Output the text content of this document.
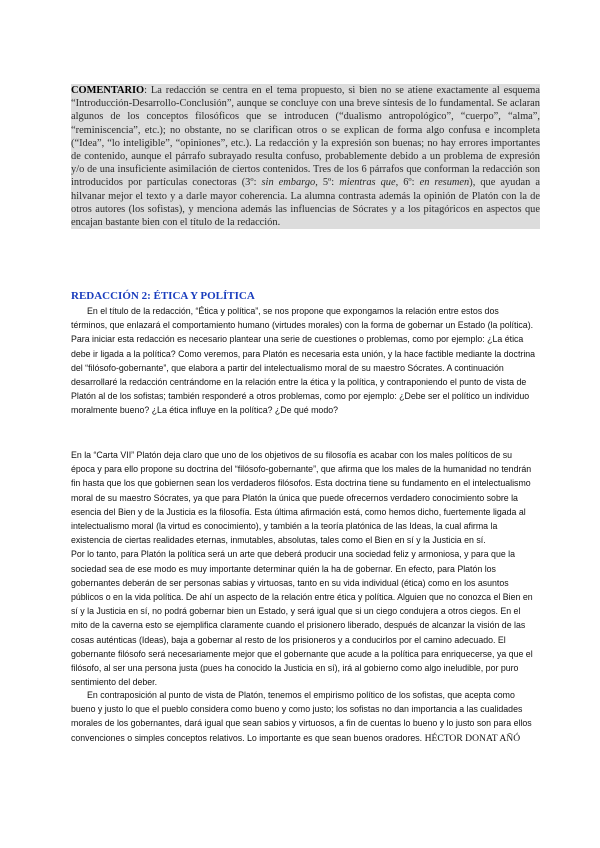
COMENTARIO: La redacción se centra en el tema propuesto, si bien no se atiene exactamente al esquema “Introducción-Desarrollo-Conclusión”, aunque se concluye con una breve síntesis de lo fundamental. Se aclaran algunos de los conceptos filosóficos que se introducen (“dualismo antropológico”, “cuerpo”, “alma”, “reminiscencia”, etc.); no obstante, no se clarifican otros o se explican de forma algo confusa e incompleta (“Idea”, “lo inteligible”, “opiniones”, etc.). La redacción y la expresión son buenas; no hay errores importantes de contenido, aunque el párrafo subrayado resulta confuso, probablemente debido a un problema de expresión y/o de una insuficiente asimilación de ciertos contenidos. Tres de los 6 párrafos que conforman la redacción son introducidos por partículas conectoras (3º: sin embargo, 5º: mientras que, 6º: en resumen), que ayudan a hilvanar mejor el texto y a darle mayor coherencia. La alumna contrasta además la opinión de Platón con la de otros autores (los sofistas), y menciona además las influencias de Sócrates y a los pitagóricos en aspectos que encajan bastante bien con el título de la redacción.

REDACCIÓN 2: ÉTICA Y POLÍTICA

En el título de la redacción, “Ética y política”, se nos propone que expongamos la relación entre estos dos términos, que enlazará el comportamiento humano (virtudes morales) con la forma de gobernar un Estado (la política). Para iniciar esta redacción es necesario plantear una serie de cuestiones o problemas, como por ejemplo: ¿La ética debe ir ligada a la política? Como veremos, para Platón es necesaria esta unión, y la hace factible mediante la doctrina del “filósofo-gobernante”, que elabora a partir del intelectualismo moral de su maestro Sócrates. A continuación desarrollaré la redacción centrándome en la relación entre la ética y la política, y contraponiendo el punto de vista de Platón al de los sofistas; también responderé a otros problemas, como por ejemplo: ¿Debe ser el político un individuo moralmente bueno? ¿La ética influye en la política? ¿De qué modo?

En la “Carta VII” Platón deja claro que uno de los objetivos de su filosofía es acabar con los males políticos de su época y para ello propone su doctrina del “filósofo-gobernante”, que afirma que los males de la humanidad no tendrán fin hasta que los que gobiernen sean los verdaderos filósofos. Esta doctrina tiene su fundamento en el intelectualismo moral de su maestro Sócrates, ya que para Platón la única que puede ofrecernos verdadero conocimiento sobre la esencia del Bien y de la Justicia es la filosofía. Esta última afirmación está, como hemos dicho, fuertemente ligada al intelectualismo moral (la virtud es conocimiento), y también a la teoría platónica de las Ideas, la cual afirma la existencia de ciertas realidades eternas, inmutables, absolutas, tales como el Bien en sí y la Justicia en sí.

Por lo tanto, para Platón la política será un arte que deberá producir una sociedad feliz y armoniosa, y para que la sociedad sea de ese modo es muy importante determinar quién la ha de gobernar. En efecto, para Platón los gobernantes deberán de ser personas sabias y virtuosas, tanto en su vida individual (ética) como en los asuntos públicos o en la vida política. De ahí un aspecto de la relación entre ética y política. Alguien que no conozca el Bien en sí y la Justicia en sí, no podrá gobernar bien un Estado, y será igual que si un ciego condujera a otros ciegos. En el mito de la caverna esto se ejemplifica claramente cuando el prisionero liberado, después de alcanzar la visión de las cosas auténticas (Ideas), baja a gobernar al resto de los prisioneros y a conducirlos por el camino adecuado. El gobernante filósofo será necesariamente mejor que el gobernante que acude a la política para enriquecerse, ya que el filósofo, al ser una persona justa (pues ha conocido la Justicia en sí), irá al gobierno como algo ineludible, por puro sentimiento del deber.

En contraposición al punto de vista de Platón, tenemos el empirismo político de los sofistas, que acepta como bueno y justo lo que el pueblo considera como bueno y como justo; los sofistas no dan importancia a las cualidades morales de los gobernantes, dará igual que sean sabios y virtuosos, a fin de cuentas lo bueno y lo justo son para ellos convenciones o simples conceptos relativos. Lo importante es que sean buenos oradores. HÉCTOR DONAT AÑÓ
